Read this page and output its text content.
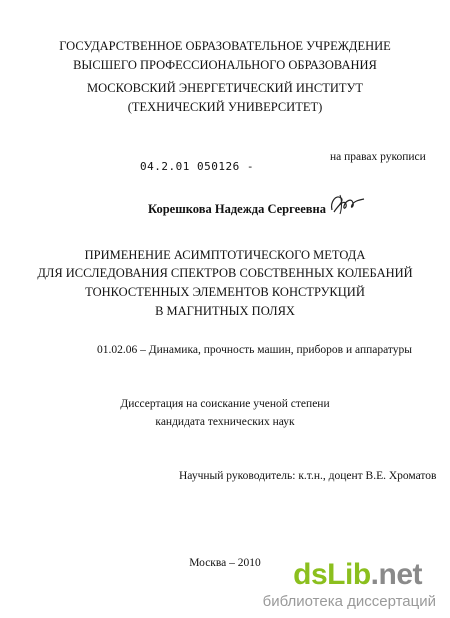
ГОСУДАРСТВЕННОЕ ОБРАЗОВАТЕЛЬНОЕ УЧРЕЖДЕНИЕ
ВЫСШЕГО ПРОФЕССИОНАЛЬНОГО ОБРАЗОВАНИЯ
МОСКОВСКИЙ ЭНЕРГЕТИЧЕСКИЙ ИНСТИТУТ
(ТЕХНИЧЕСКИЙ УНИВЕРСИТЕТ)
04.2.01 050126 -
на правах рукописи
Корешкова Надежда Сергеевна
ПРИМЕНЕНИЕ АСИМПТОТИЧЕСКОГО МЕТОДА
ДЛЯ ИССЛЕДОВАНИЯ СПЕКТРОВ СОБСТВЕННЫХ КОЛЕБАНИЙ
ТОНКОСТЕННЫХ ЭЛЕМЕНТОВ КОНСТРУКЦИЙ
В МАГНИТНЫХ ПОЛЯХ
01.02.06 – Динамика, прочность машин, приборов и аппаратуры
Диссертация на соискание ученой степени
кандидата технических наук
Научный руководитель: к.т.н., доцент В.Е. Хроматов
Москва – 2010	dsLib.net
библиотека диссертаций
